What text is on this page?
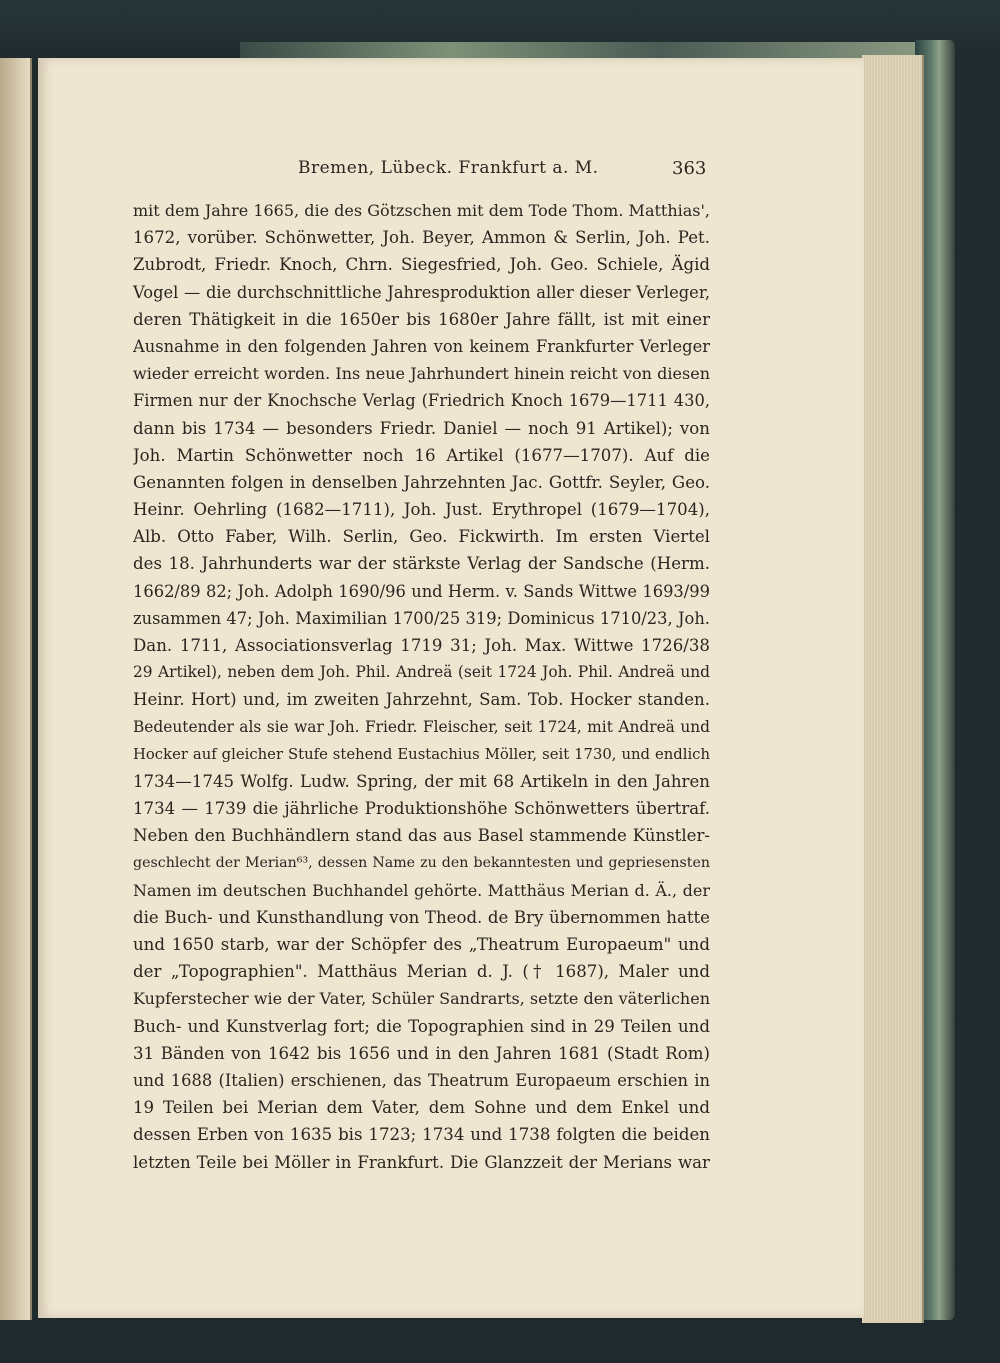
Bremen, Lübeck. Frankfurt a. M.	363
mit dem Jahre 1665, die des Götzschen mit dem Tode Thom. Matthias',
1672, vorüber. Schönwetter, Joh. Beyer, Ammon & Serlin, Joh. Pet.
Zubrodt, Friedr. Knoch, Chrn. Siegesfried, Joh. Geo. Schiele, Ägid
Vogel — die durchschnittliche Jahresproduktion aller dieser Verleger,
deren Thätigkeit in die 1650er bis 1680er Jahre fällt, ist mit einer
Ausnahme in den folgenden Jahren von keinem Frankfurter Verleger
wieder erreicht worden. Ins neue Jahrhundert hinein reicht von diesen
Firmen nur der Knochsche Verlag (Friedrich Knoch 1679—1711 430,
dann bis 1734 — besonders Friedr. Daniel — noch 91 Artikel); von
Joh. Martin Schönwetter noch 16 Artikel (1677—1707). Auf die
Genannten folgen in denselben Jahrzehnten Jac. Gottfr. Seyler, Geo.
Heinr. Oehrling (1682—1711), Joh. Just. Erythropel (1679—1704),
Alb. Otto Faber, Wilh. Serlin, Geo. Fickwirth. Im ersten Viertel
des 18. Jahrhunderts war der stärkste Verlag der Sandsche (Herm.
1662/89 82; Joh. Adolph 1690/96 und Herm. v. Sands Wittwe 1693/99
zusammen 47; Joh. Maximilian 1700/25 319; Dominicus 1710/23, Joh.
Dan. 1711, Associationsverlag 1719 31; Joh. Max. Wittwe 1726/38
29 Artikel), neben dem Joh. Phil. Andreä (seit 1724 Joh. Phil. Andreä und
Heinr. Hort) und, im zweiten Jahrzehnt, Sam. Tob. Hocker standen.
Bedeutender als sie war Joh. Friedr. Fleischer, seit 1724, mit Andreä und
Hocker auf gleicher Stufe stehend Eustachius Möller, seit 1730, und endlich
1734—1745 Wolfg. Ludw. Spring, der mit 68 Artikeln in den Jahren
1734 — 1739 die jährliche Produktionshöhe Schönwetters übertraf.
Neben den Buchhändlern stand das aus Basel stammende Künstler-
geschlecht der Merian⁶³, dessen Name zu den bekanntesten und gepriesensten
Namen im deutschen Buchhandel gehörte. Matthäus Merian d. Ä., der
die Buch- und Kunsthandlung von Theod. de Bry übernommen hatte
und 1650 starb, war der Schöpfer des „Theatrum Europaeum" und
der „Topographien". Matthäus Merian d. J. († 1687), Maler und
Kupferstecher wie der Vater, Schüler Sandrarts, setzte den väterlichen
Buch- und Kunstverlag fort; die Topographien sind in 29 Teilen und
31 Bänden von 1642 bis 1656 und in den Jahren 1681 (Stadt Rom)
und 1688 (Italien) erschienen, das Theatrum Europaeum erschien in
19 Teilen bei Merian dem Vater, dem Sohne und dem Enkel und
dessen Erben von 1635 bis 1723; 1734 und 1738 folgten die beiden
letzten Teile bei Möller in Frankfurt. Die Glanzzeit der Merians war
